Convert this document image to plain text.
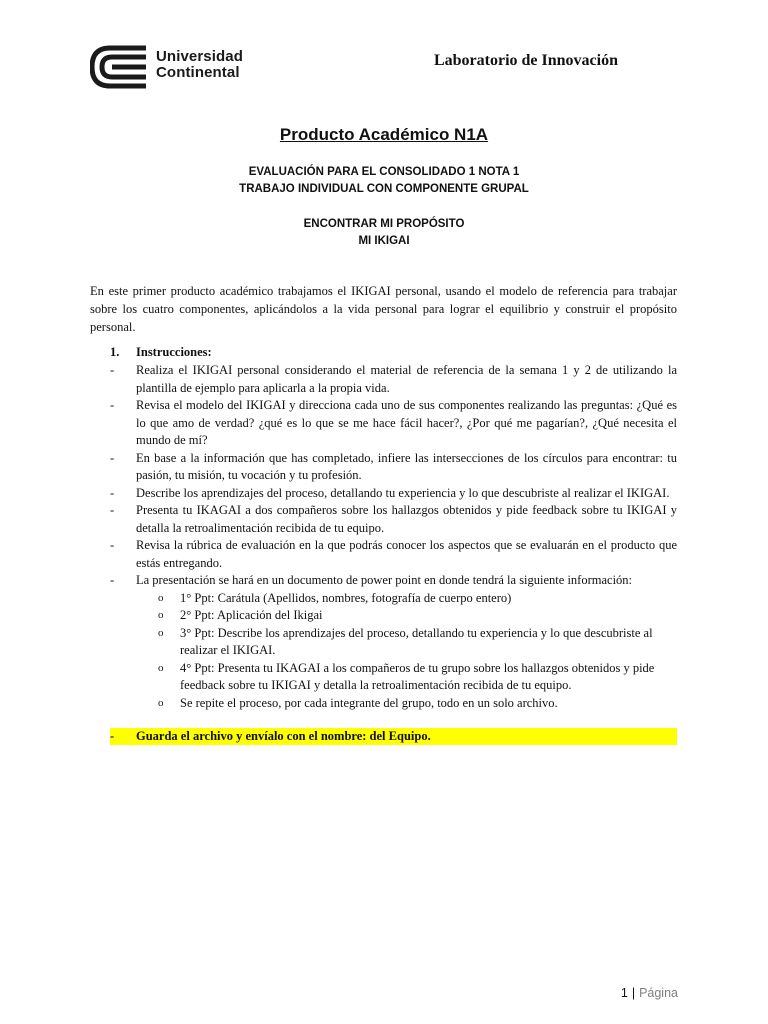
Universidad
Continental
Laboratorio de Innovación
Producto Académico N1A
EVALUACIÓN PARA EL CONSOLIDADO 1 NOTA 1
TRABAJO INDIVIDUAL CON COMPONENTE GRUPAL
ENCONTRAR MI PROPÓSITO
MI IKIGAI

En este primer producto académico trabajamos el IKIGAI personal, usando el modelo de referencia para trabajar sobre los cuatro componentes, aplicándolos a la vida personal para lograr el equilibrio y construir el propósito personal.

1. Instrucciones:
- Realiza el IKIGAI personal considerando el material de referencia de la semana 1 y 2 de utilizando la plantilla de ejemplo para aplicarla a la propia vida.
- Revisa el modelo del IKIGAI y direcciona cada uno de sus componentes realizando las preguntas: ¿Qué es lo que amo de verdad? ¿qué es lo que se me hace fácil hacer?, ¿Por qué me pagarían?, ¿Qué necesita el mundo de mí?
- En base a la información que has completado, infiere las intersecciones de los círculos para encontrar: tu pasión, tu misión, tu vocación y tu profesión.
- Describe los aprendizajes del proceso, detallando tu experiencia y lo que descubriste al realizar el IKIGAI.
- Presenta tu IKAGAI a dos compañeros sobre los hallazgos obtenidos y pide feedback sobre tu IKIGAI y detalla la retroalimentación recibida de tu equipo.
- Revisa la rúbrica de evaluación en la que podrás conocer los aspectos que se evaluarán en el producto que estás entregando.
- La presentación se hará en un documento de power point en donde tendrá la siguiente información:
o 1° Ppt: Carátula (Apellidos, nombres, fotografía de cuerpo entero)
o 2° Ppt: Aplicación del Ikigai
o 3° Ppt: Describe los aprendizajes del proceso, detallando tu experiencia y lo que descubriste al realizar el IKIGAI.
o 4° Ppt: Presenta tu IKAGAI a los compañeros de tu grupo sobre los hallazgos obtenidos y pide feedback sobre tu IKIGAI y detalla la retroalimentación recibida de tu equipo.
o Se repite el proceso, por cada integrante del grupo, todo en un solo archivo.
- Guarda el archivo y envíalo con el nombre: del Equipo.
1 | Página
